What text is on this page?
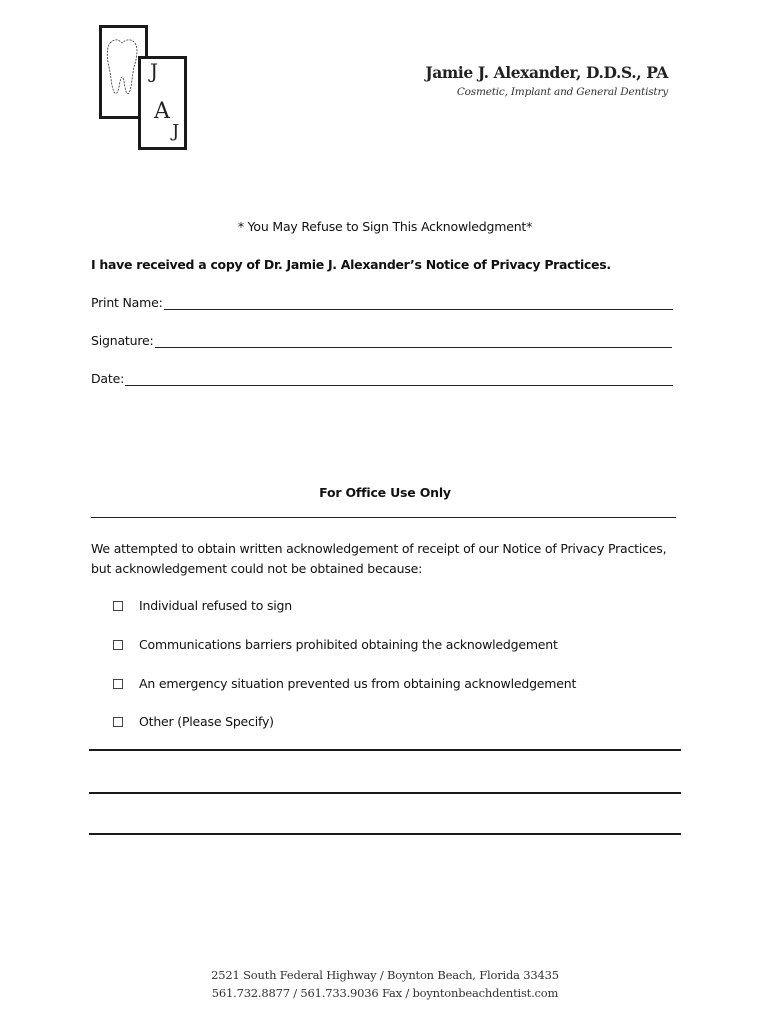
J
A
J
Jamie J. Alexander, D.D.S., PA
Cosmetic, Implant and General Dentistry
* You May Refuse to Sign This Acknowledgment*
I have received a copy of Dr. Jamie J. Alexander’s Notice of Privacy Practices.
Print Name:
Signature:
Date:
For Office Use Only
We attempted to obtain written acknowledgement of receipt of our Notice of Privacy Practices,
but acknowledgement could not be obtained because:
Individual refused to sign
Communications barriers prohibited obtaining the acknowledgement
An emergency situation prevented us from obtaining acknowledgement
Other (Please Specify)
2521 South Federal Highway / Boynton Beach, Florida 33435
561.732.8877 / 561.733.9036 Fax / boyntonbeachdentist.com
